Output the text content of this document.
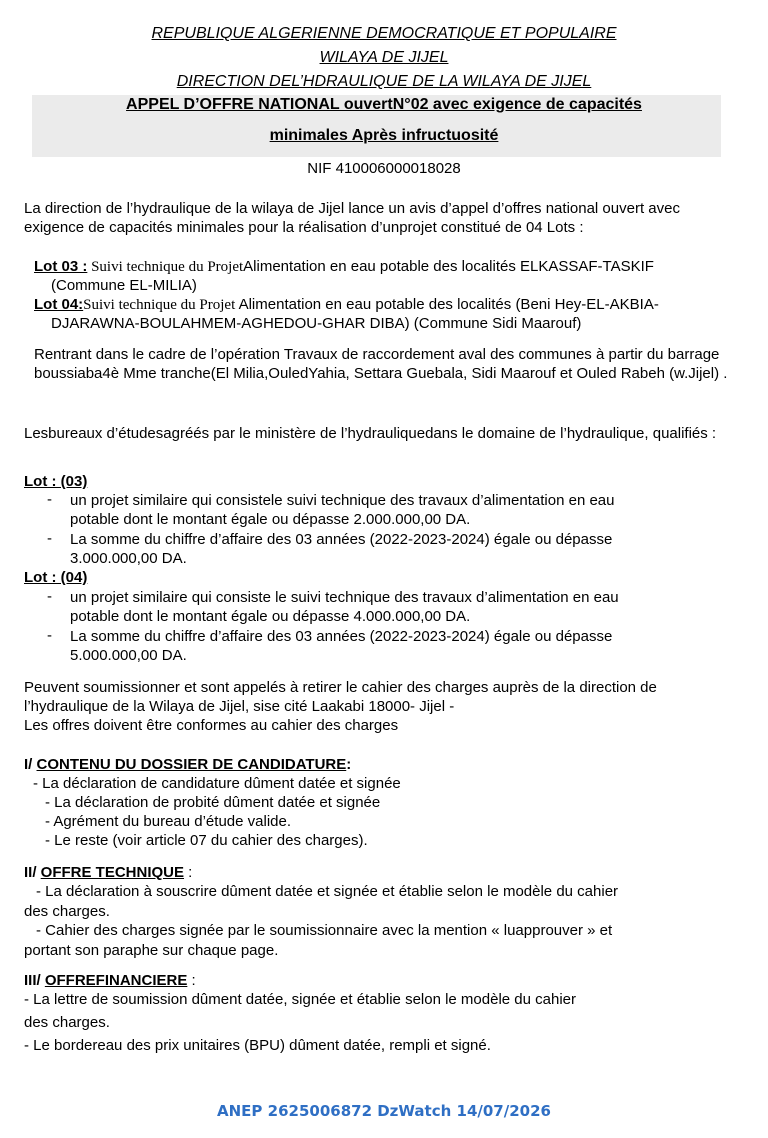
REPUBLIQUE ALGERIENNE DEMOCRATIQUE ET POPULAIRE
WILAYA DE JIJEL
DIRECTION DEL’HDRAULIQUE DE LA WILAYA DE JIJEL
APPEL D’OFFRE NATIONAL ouvertN°02 avec exigence de capacités
minimales Après infructuosité
NIF 410006000018028

La direction de l’hydraulique de la wilaya de Jijel lance un avis d’appel d’offres national ouvert avec exigence de capacités minimales pour la réalisation d’unprojet constitué de 04 Lots :

Lot 03 : Suivi technique du ProjetAlimentation en eau potable des localités ELKASSAF-TASKIF
(Commune EL-MILIA)
Lot 04:Suivi technique du Projet Alimentation en eau potable des localités (Beni Hey-EL-AKBIA-
DJARAWNA-BOULAHMEM-AGHEDOU-GHAR DIBA) (Commune Sidi Maarouf)

Rentrant dans le cadre de l’opération Travaux de raccordement aval des communes à partir du barrage boussiaba4è Mme tranche(El Milia,OuledYahia, Settara Guebala, Sidi Maarouf et Ouled Rabeh (w.Jijel) .

Lesbureaux d’étudesagréés par le ministère de l’hydrauliquedans le domaine de l’hydraulique, qualifiés :

Lot : (03)
- un projet similaire qui consistele suivi technique des travaux d’alimentation en eau
potable dont le montant égale ou dépasse 2.000.000,00 DA.
- La somme du chiffre d’affaire des 03 années (2022-2023-2024) égale ou dépasse
3.000.000,00 DA.
Lot : (04)
- un projet similaire qui consiste le suivi technique des travaux d’alimentation en eau
potable dont le montant égale ou dépasse 4.000.000,00 DA.
- La somme du chiffre d’affaire des 03 années (2022-2023-2024) égale ou dépasse
5.000.000,00 DA.
Peuvent soumissionner et sont appelés à retirer le cahier des charges auprès de la direction de
l’hydraulique de la Wilaya de Jijel, sise cité Laakabi 18000- Jijel -
Les offres doivent être conformes au cahier des charges
I/ CONTENU DU DOSSIER DE CANDIDATURE:
- La déclaration de candidature dûment datée et signée
- La déclaration de probité dûment datée et signée
- Agrément du bureau d’étude valide.
- Le reste (voir article 07 du cahier des charges).
II/ OFFRE TECHNIQUE :
- La déclaration à souscrire dûment datée et signée et établie selon le modèle du cahier
des charges.
- Cahier des charges signée par le soumissionnaire avec la mention « luapprouver » et
portant son paraphe sur chaque page.
III/ OFFREFINANCIERE :
- La lettre de soumission dûment datée, signée et établie selon le modèle du cahier
des charges.
- Le bordereau des prix unitaires (BPU) dûment datée, rempli et signé.
ANEP 2625006872 DzWatch 14/07/2026
